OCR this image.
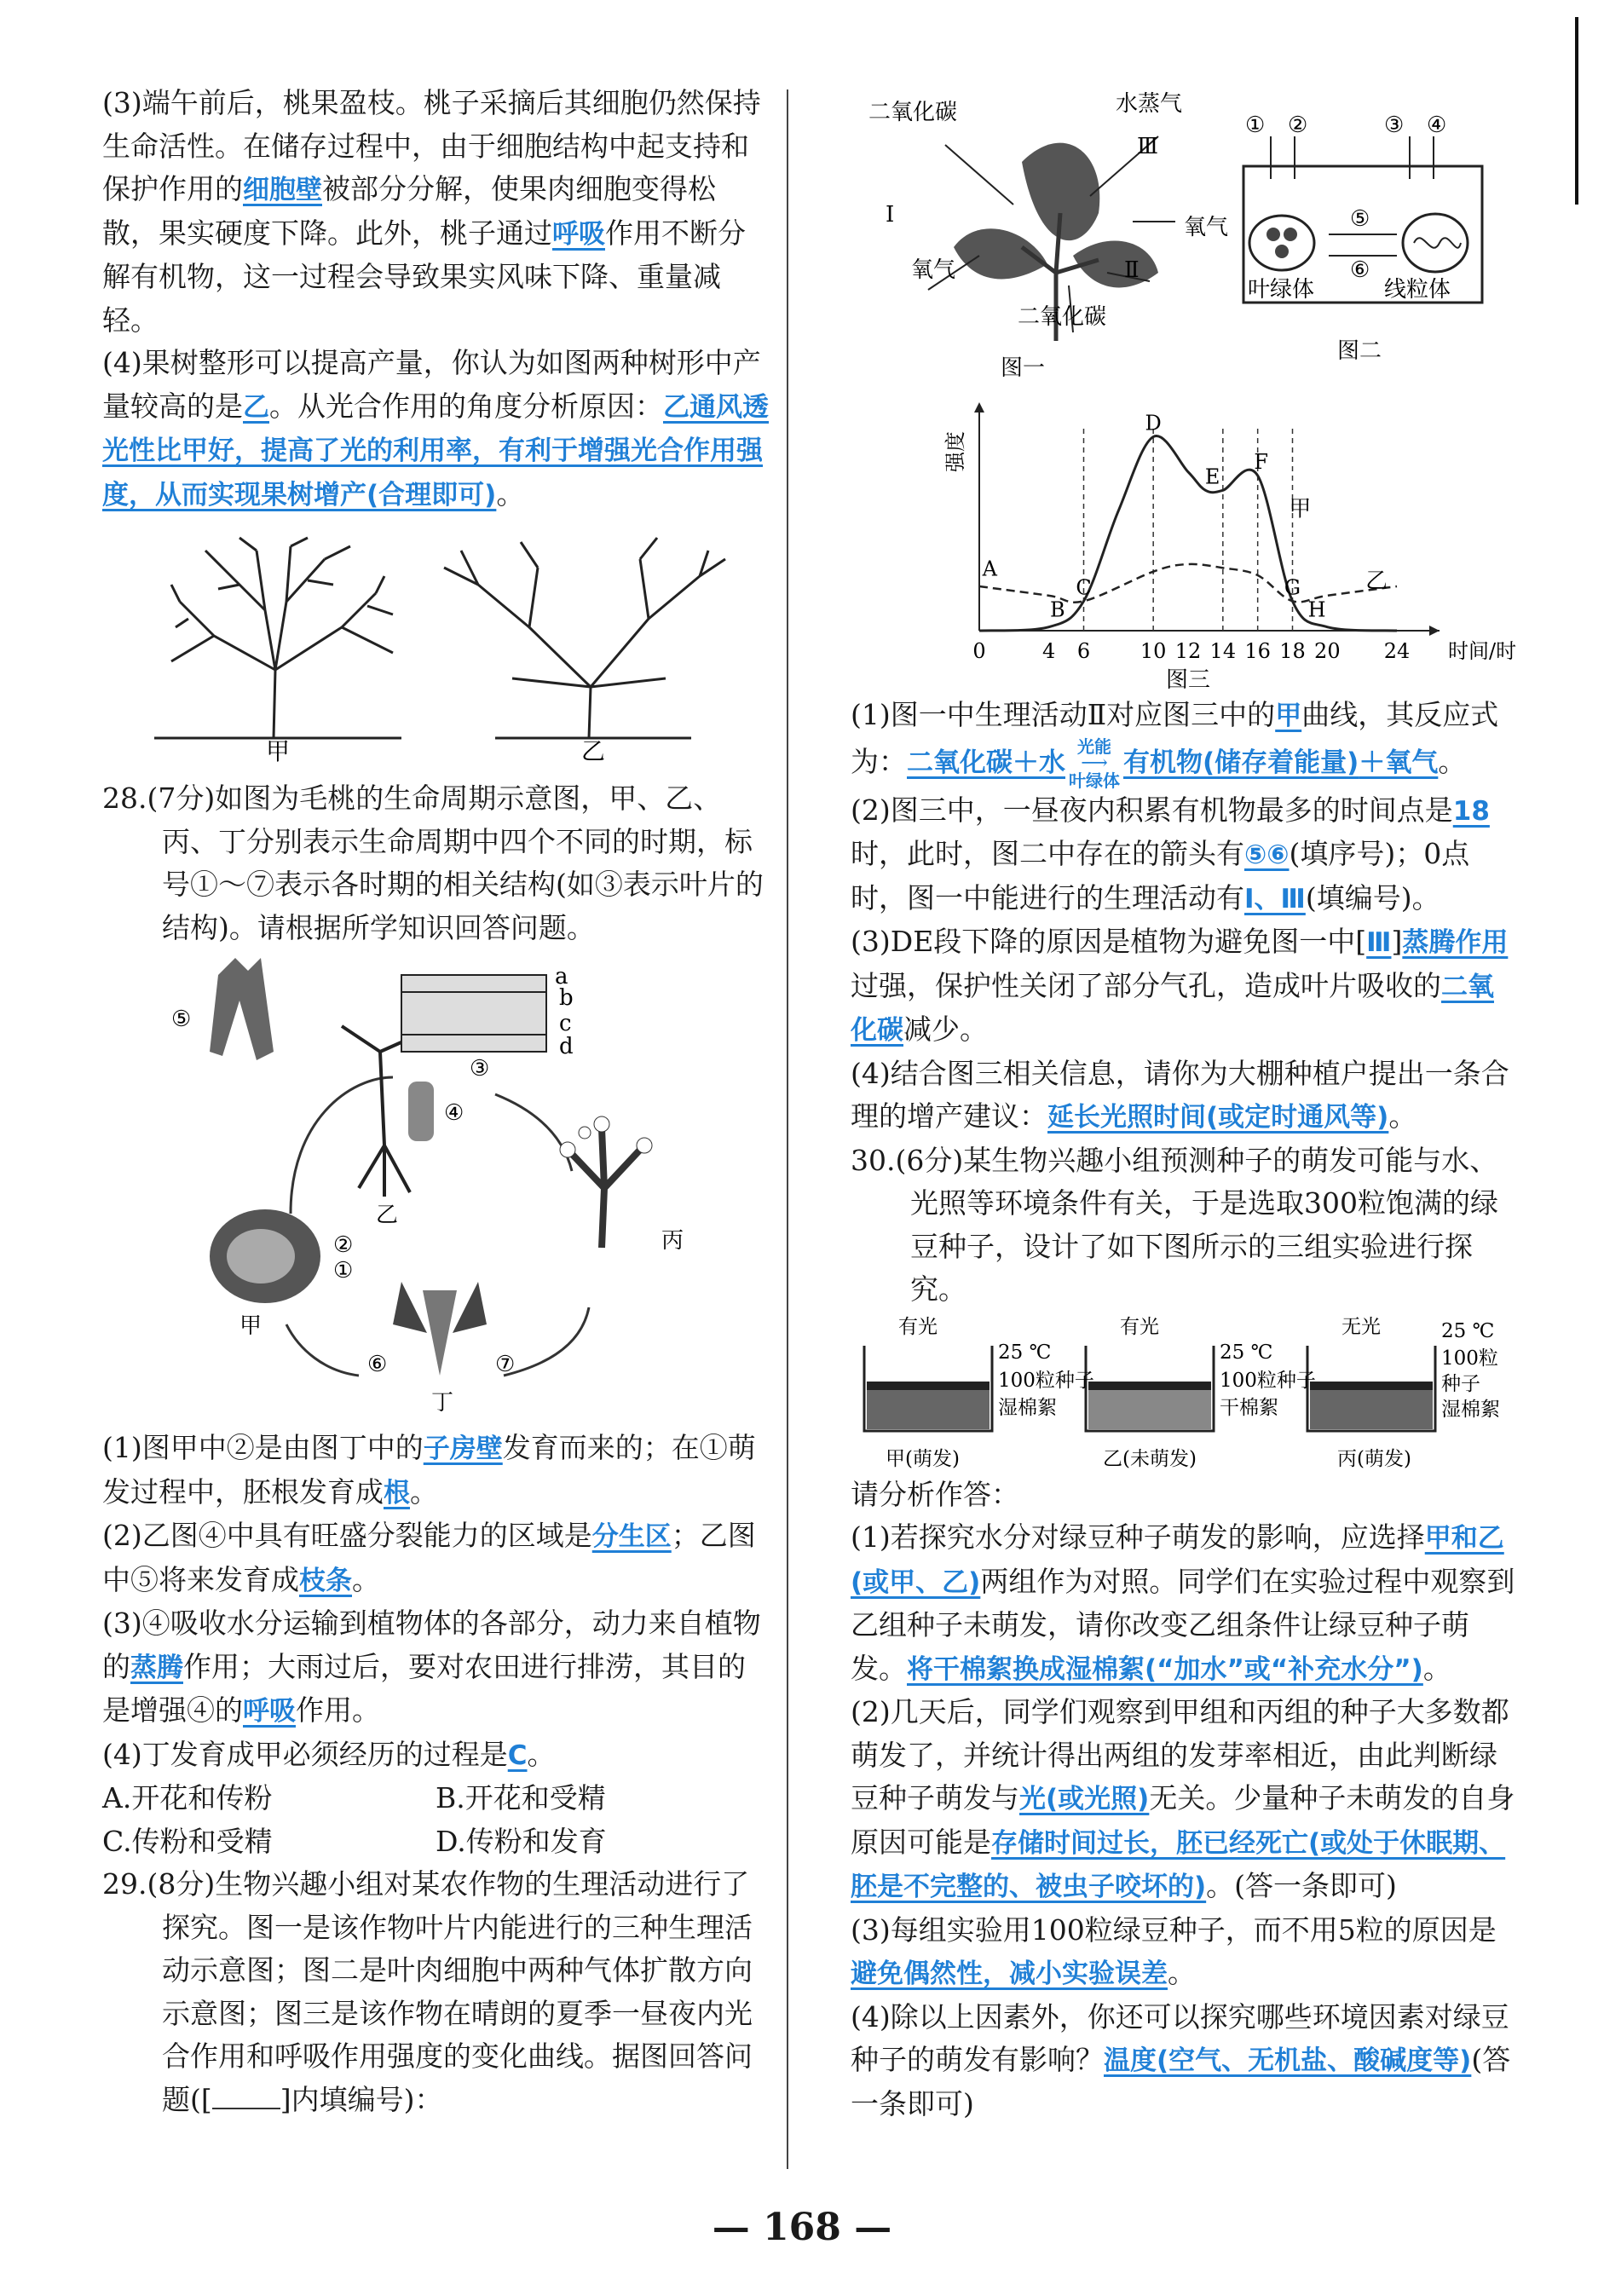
(3)端午前后，桃果盈枝。桃子采摘后其细胞仍然保持生命活性。在储存过程中，由于细胞结构中起支持和保护作用的细胞壁被部分分解，使果肉细胞变得松散，果实硬度下降。此外，桃子通过呼吸作用不断分解有机物，这一过程会导致果实风味下降、重量减轻。

(4)果树整形可以提高产量，你认为如图两种树形中产量较高的是乙。从光合作用的角度分析原因：乙通风透光性比甲好，提高了光的利用率，有利于增强光合作用强度，从而实现果树增产(合理即可)。

甲	乙

28.(7分)如图为毛桃的生命周期示意图，甲、乙、丙、丁分别表示生命周期中四个不同的时期，标号①～⑦表示各时期的相关结构(如③表示叶片的结构)。请根据所学知识回答问题。

⑤
a
b
c
d
③
④
乙
丙
②
①
甲
⑥	⑦
丁

(1)图甲中②是由图丁中的子房壁发育而来的；在①萌发过程中，胚根发育成根。

(2)乙图④中具有旺盛分裂能力的区域是分生区；乙图中⑤将来发育成枝条。

(3)④吸收水分运输到植物体的各部分，动力来自植物的蒸腾作用；大雨过后，要对农田进行排涝，其目的是增强④的呼吸作用。

(4)丁发育成甲必须经历的过程是C。

A.开花和传粉	B.开花和受精
C.传粉和受精	D.传粉和发育

29.(8分)生物兴趣小组对某农作物的生理活动进行了探究。图一是该作物叶片内能进行的三种生理活动示意图；图二是叶肉细胞中两种气体扩散方向示意图；图三是该作物在晴朗的夏季一昼夜内光合作用和呼吸作用强度的变化曲线。据图回答问题([ ]内填编号)：

二氧化碳	水蒸气
Ⅲ
Ⅰ	氧气
氧气	Ⅱ
二氧化碳
图一
① ②	③ ④
⑤
⑥
叶绿体	线粒体
图二
0	4 6 10 12 14 16 18 20 24 时间/时
强度
甲
乙
A
B
C
D
E
F
G
H
图三

(1)图一中生理活动Ⅱ对应图三中的甲曲线，其反应式为：二氧化碳＋水
光能
⟶
叶绿体
有机物(储存着能量)＋氧气。

(2)图三中，一昼夜内积累有机物最多的时间点是18时，此时，图二中存在的箭头有⑤⑥(填序号)；0点时，图一中能进行的生理活动有Ⅰ、Ⅲ(填编号)。

(3)DE段下降的原因是植物为避免图一中[Ⅲ]蒸腾作用过强，保护性关闭了部分气孔，造成叶片吸收的二氧化碳减少。

(4)结合图三相关信息，请你为大棚种植户提出一条合理的增产建议：延长光照时间(或定时通风等)。

30.(6分)某生物兴趣小组预测种子的萌发可能与水、光照等环境条件有关，于是选取300粒饱满的绿豆种子，设计了如下图所示的三组实验进行探究。

有光
25 ℃
100粒种子
湿棉絮
甲(萌发)
有光
25 ℃
100粒种子
干棉絮
乙(未萌发)
无光	25 ℃
100粒
种子
湿棉絮
丙(萌发)

请分析作答：

(1)若探究水分对绿豆种子萌发的影响，应选择甲和乙(或甲、乙)两组作为对照。同学们在实验过程中观察到乙组种子未萌发，请你改变乙组条件让绿豆种子萌发。将干棉絮换成湿棉絮(“加水”或“补充水分”)。

(2)几天后，同学们观察到甲组和丙组的种子大多数都萌发了，并统计得出两组的发芽率相近，由此判断绿豆种子萌发与光(或光照)无关。少量种子未萌发的自身原因可能是存储时间过长，胚已经死亡(或处于休眠期、胚是不完整的、被虫子咬坏的)。(答一条即可)

(3)每组实验用100粒绿豆种子，而不用5粒的原因是避免偶然性，减小实验误差。

(4)除以上因素外，你还可以探究哪些环境因素对绿豆种子的萌发有影响？温度(空气、无机盐、酸碱度等)(答一条即可)

— 168 —
